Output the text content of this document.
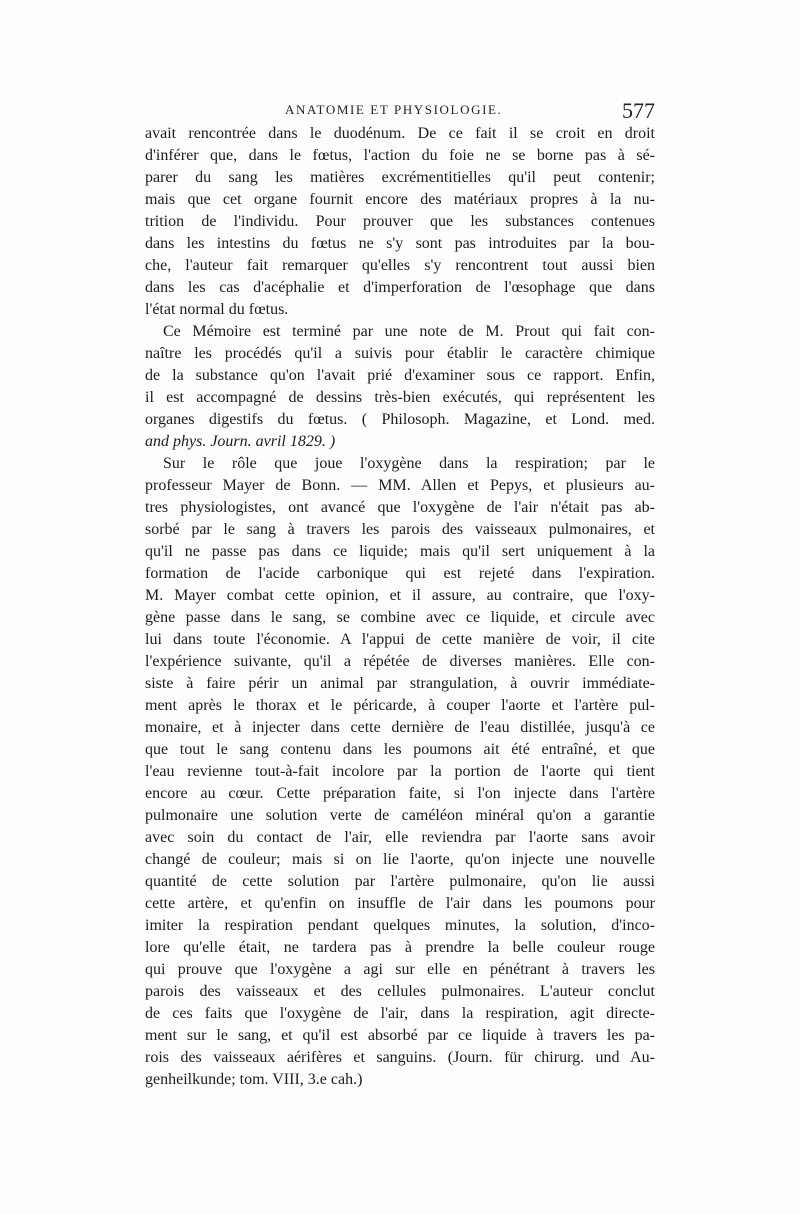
ANATOMIE ET PHYSIOLOGIE.	577
avait rencontrée dans le duodénum. De ce fait il se croit en droit
d'inférer que, dans le fœtus, l'action du foie ne se borne pas à sé-
parer du sang les matières excrémentitielles qu'il peut contenir;
mais que cet organe fournit encore des matériaux propres à la nu-
trition de l'individu. Pour prouver que les substances contenues
dans les intestins du fœtus ne s'y sont pas introduites par la bou-
che, l'auteur fait remarquer qu'elles s'y rencontrent tout aussi bien
dans les cas d'acéphalie et d'imperforation de l'œsophage que dans
l'état normal du fœtus.
Ce Mémoire est terminé par une note de M. Prout qui fait con-
naître les procédés qu'il a suivis pour établir le caractère chimique
de la substance qu'on l'avait prié d'examiner sous ce rapport. Enfin,
il est accompagné de dessins très-bien exécutés, qui représentent les
organes digestifs du fœtus. ( Philosoph. Magazine, et Lond. med.
and phys. Journ. avril 1829. )
Sur le rôle que joue l'oxygène dans la respiration; par le
professeur Mayer de Bonn. — MM. Allen et Pepys, et plusieurs au-
tres physiologistes, ont avancé que l'oxygène de l'air n'était pas ab-
sorbé par le sang à travers les parois des vaisseaux pulmonaires, et
qu'il ne passe pas dans ce liquide; mais qu'il sert uniquement à la
formation de l'acide carbonique qui est rejeté dans l'expiration.
M. Mayer combat cette opinion, et il assure, au contraire, que l'oxy-
gène passe dans le sang, se combine avec ce liquide, et circule avec
lui dans toute l'économie. A l'appui de cette manière de voir, il cite
l'expérience suivante, qu'il a répétée de diverses manières. Elle con-
siste à faire périr un animal par strangulation, à ouvrir immédiate-
ment après le thorax et le péricarde, à couper l'aorte et l'artère pul-
monaire, et à injecter dans cette dernière de l'eau distillée, jusqu'à ce
que tout le sang contenu dans les poumons ait été entraîné, et que
l'eau revienne tout-à-fait incolore par la portion de l'aorte qui tient
encore au cœur. Cette préparation faite, si l'on injecte dans l'artère
pulmonaire une solution verte de caméléon minéral qu'on a garantie
avec soin du contact de l'air, elle reviendra par l'aorte sans avoir
changé de couleur; mais si on lie l'aorte, qu'on injecte une nouvelle
quantité de cette solution par l'artère pulmonaire, qu'on lie aussi
cette artère, et qu'enfin on insuffle de l'air dans les poumons pour
imiter la respiration pendant quelques minutes, la solution, d'inco-
lore qu'elle était, ne tardera pas à prendre la belle couleur rouge
qui prouve que l'oxygène a agi sur elle en pénétrant à travers les
parois des vaisseaux et des cellules pulmonaires. L'auteur conclut
de ces faits que l'oxygène de l'air, dans la respiration, agit directe-
ment sur le sang, et qu'il est absorbé par ce liquide à travers les pa-
rois des vaisseaux aérifères et sanguins. (Journ. für chirurg. und Au-
genheilkunde; tom. VIII, 3.e cah.)
